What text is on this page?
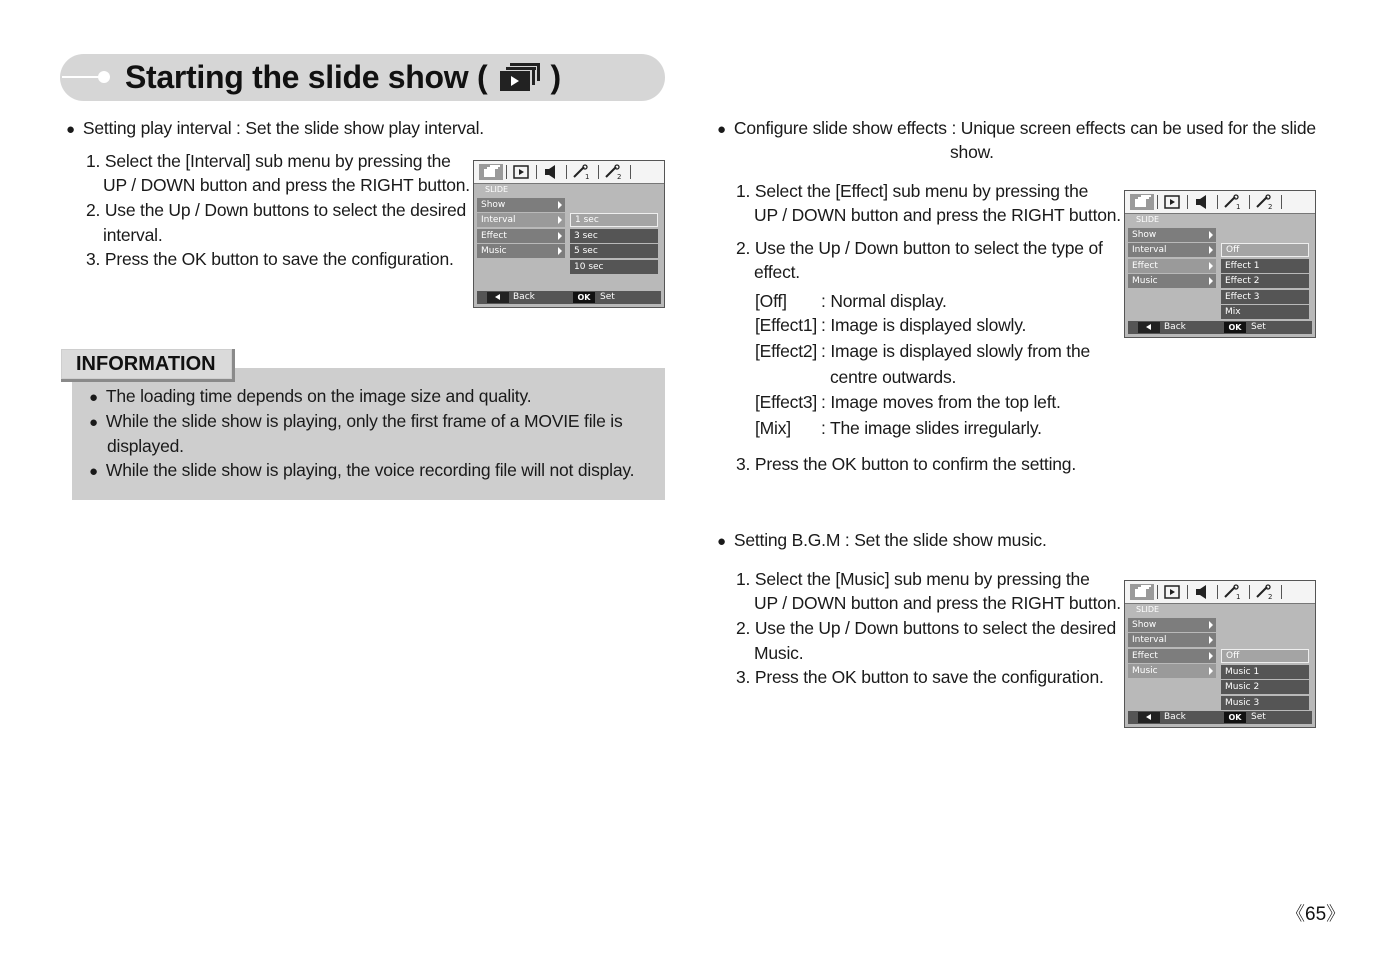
Starting the slide show ( )
● Setting play interval : Set the slide show play interval.
1. Select the [Interval] sub menu by pressing the
UP / DOWN button and press the RIGHT button.
2. Use the Up / Down buttons to select the desired
interval.
3. Press the OK button to save the configuration.
1	2
SLIDE
Show
Interval
Effect
Music
1 sec
3 sec
5 sec
10 sec
Back	OK	Set
INFORMATION
● The loading time depends on the image size and quality.
● While the slide show is playing, only the first frame of a MOVIE file is
displayed.
● While the slide show is playing, the voice recording file will not display.
● Configure slide show effects : Unique screen effects can be used for the slide
show.
1. Select the [Effect] sub menu by pressing the
UP / DOWN button and press the RIGHT button.
2. Use the Up / Down button to select the type of
effect.
[Off] : Normal display.
[Effect1] : Image is displayed slowly.
[Effect2] : Image is displayed slowly from the
centre outwards.
[Effect3] : Image moves from the top left.
[Mix] : The image slides irregularly.
3. Press the OK button to confirm the setting.
1	2
SLIDE
Show
Interval
Effect
Music
Off
Effect 1
Effect 2
Effect 3
Mix
Back	OK	Set
● Setting B.G.M : Set the slide show music.
1. Select the [Music] sub menu by pressing the
UP / DOWN button and press the RIGHT button.
2. Use the Up / Down buttons to select the desired
Music.
3. Press the OK button to save the configuration.
1	2
SLIDE
Show
Interval
Effect
Music
Off
Music 1
Music 2
Music 3
Back	OK	Set
《65》
